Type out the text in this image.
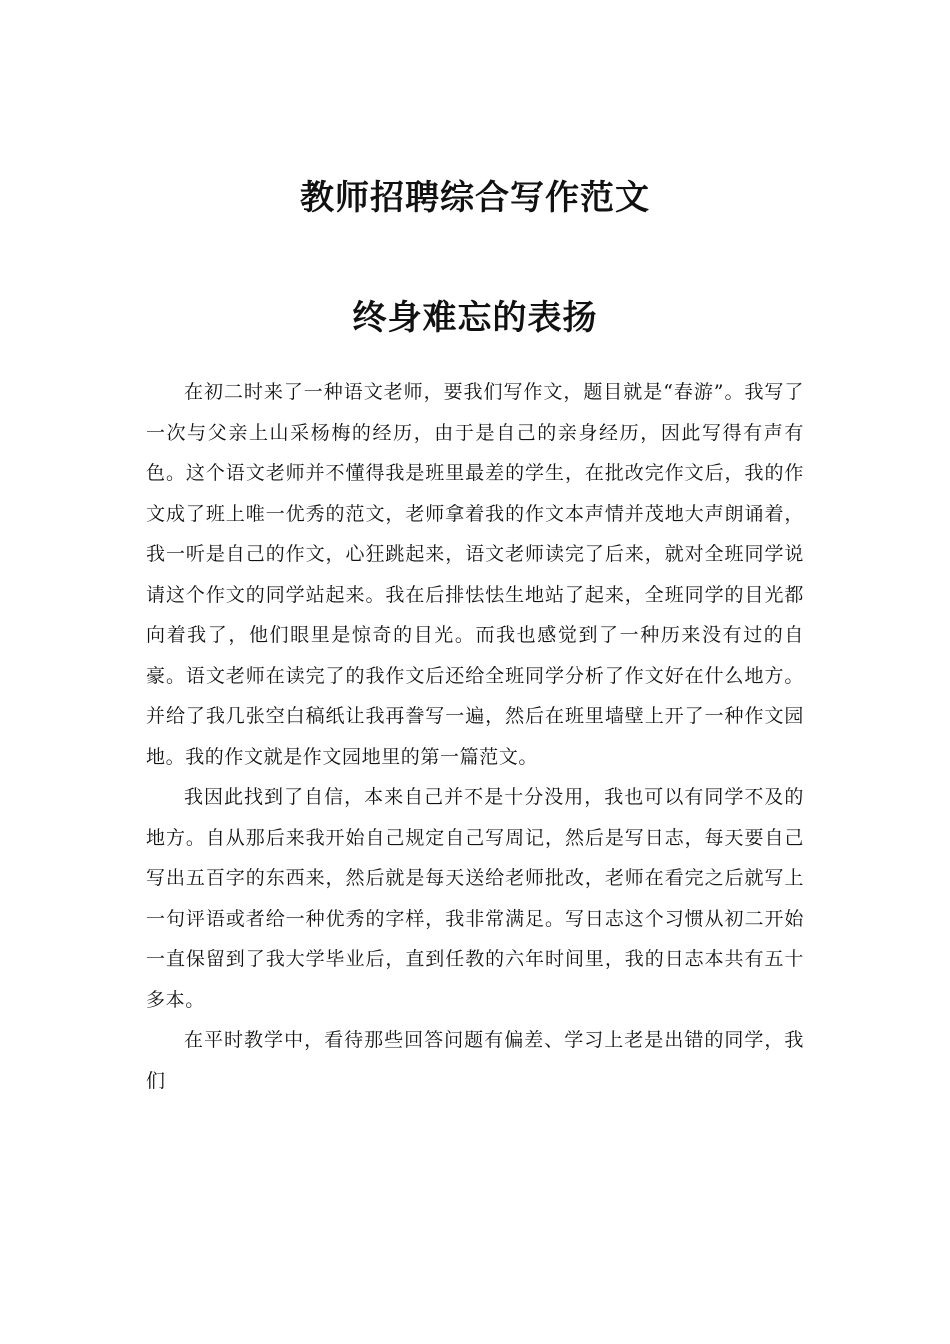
教师招聘综合写作范文
终身难忘的表扬

在初二时来了一种语文老师，要我们写作文，题目就是“春游”。我写了一次与父亲上山采杨梅的经历，由于是自己的亲身经历，因此写得有声有色。这个语文老师并不懂得我是班里最差的学生，在批改完作文后，我的作文成了班上唯一优秀的范文，老师拿着我的作文本声情并茂地大声朗诵着，我一听是自己的作文，心狂跳起来，语文老师读完了后来，就对全班同学说请这个作文的同学站起来。我在后排怯怯生地站了起来，全班同学的目光都向着我了，他们眼里是惊奇的目光。而我也感觉到了一种历来没有过的自豪。语文老师在读完了的我作文后还给全班同学分析了作文好在什么地方。并给了我几张空白稿纸让我再誊写一遍，然后在班里墙壁上开了一种作文园地。我的作文就是作文园地里的第一篇范文。

我因此找到了自信，本来自己并不是十分没用，我也可以有同学不及的地方。自从那后来我开始自己规定自己写周记，然后是写日志，每天要自己写出五百字的东西来，然后就是每天送给老师批改，老师在看完之后就写上一句评语或者给一种优秀的字样，我非常满足。写日志这个习惯从初二开始一直保留到了我大学毕业后，直到任教的六年时间里，我的日志本共有五十多本。

在平时教学中，看待那些回答问题有偏差、学习上老是出错的同学，我们
